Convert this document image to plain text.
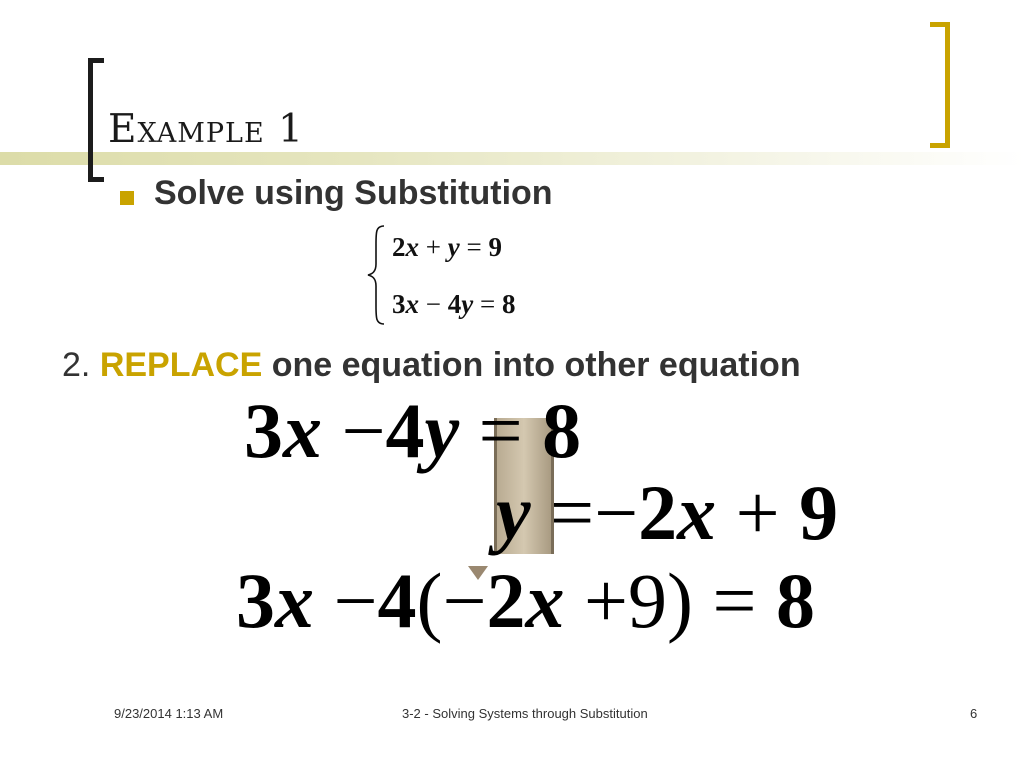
Example 1
Solve using Substitution
2x + y = 9
3x − 4y = 8
2. REPLACE one equation into other equation
3x −4y = 8
y =−2x + 9
3x −4(−2x +9) = 8
9/23/2014 1:13 AM	3-2 - Solving Systems through Substitution	6
